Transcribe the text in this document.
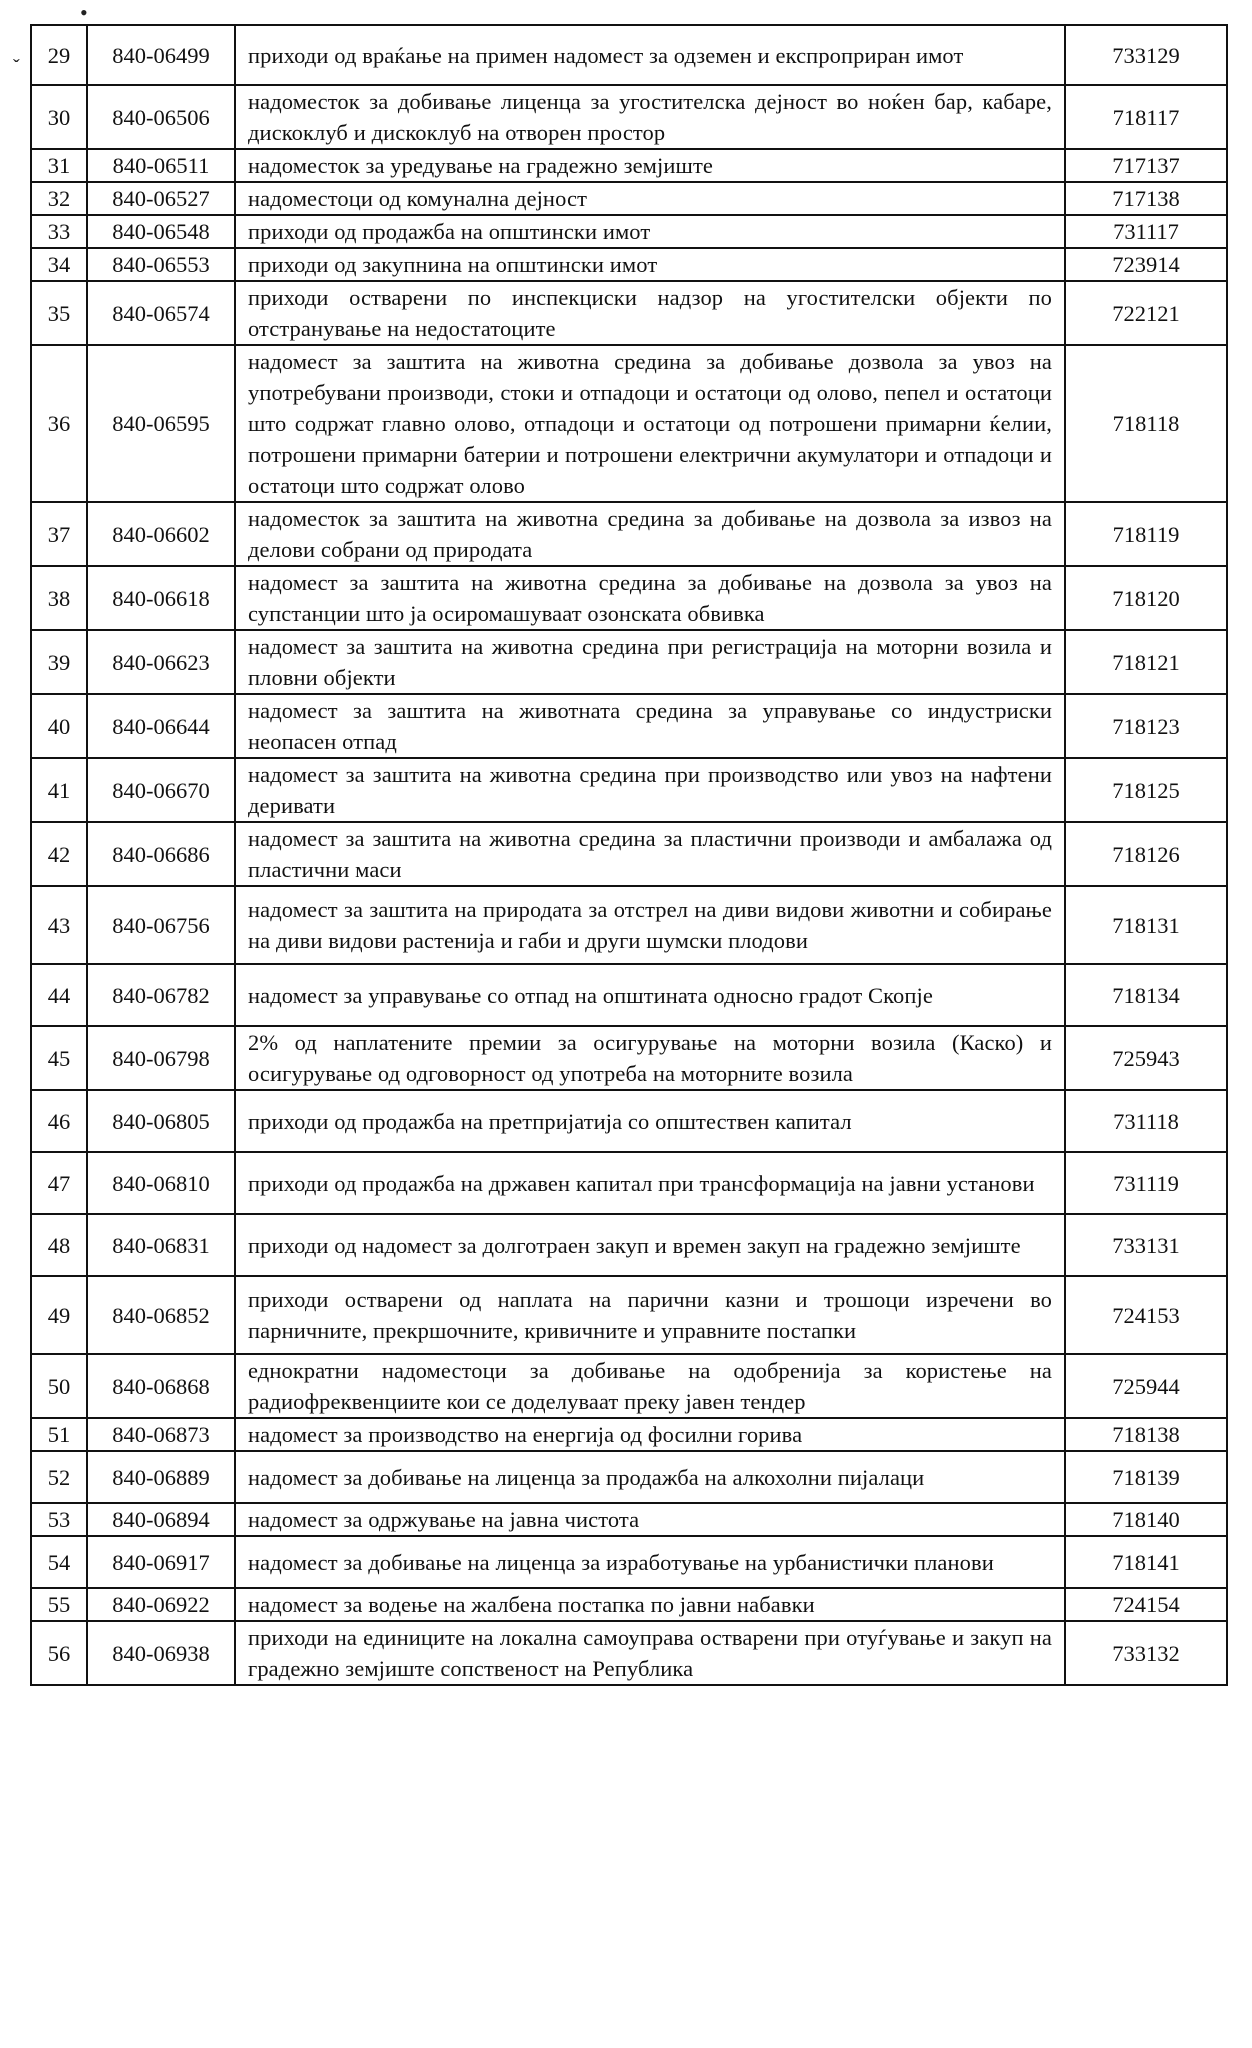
•
ˇ 29	840-06499	приходи од враќање на примен надомест за одземен и експроприран имот	733129
30	840-06506	надоместок за добивање лиценца за угостителска дејност во ноќен бар, кабаре, дискоклуб и дискоклуб на отворен простор	718117
31	840-06511	надоместок за уредување на градежно земјиште	717137
32	840-06527	надоместоци од комунална дејност	717138
33	840-06548	приходи од продажба на општински имот	731117
34	840-06553	приходи од закупнина на општински имот	723914
35	840-06574	приходи остварени по инспекциски надзор на угостителски објекти по отстранување на недостатоците	722121
36	840-06595	надомест за заштита на животна средина за добивање дозвола за увоз на употребувани производи, стоки и отпадоци и остатоци од олово, пепел и остатоци што содржат главно олово, отпадоци и остатоци од потрошени примарни ќелии, потрошени примарни батерии и потрошени електрични акумулатори и отпадоци и остатоци што содржат олово	718118
37	840-06602	надоместок за заштита на животна средина за добивање на дозвола за извоз на делови собрани од природата	718119
38	840-06618	надомест за заштита на животна средина за добивање на дозвола за увоз на супстанции што ја осиромашуваат озонската обвивка	718120
39	840-06623	надомест за заштита на животна средина при регистрација на моторни возила и пловни објекти	718121
40	840-06644	надомест за заштита на животната средина за управување со индустриски неопасен отпад	718123
41	840-06670	надомест за заштита на животна средина при производство или увоз на нафтени деривати	718125
42	840-06686	надомест за заштита на животна средина за пластични производи и амбалажа од пластични маси	718126
43	840-06756	надомест за заштита на природата за отстрел на диви видови животни и собирање на диви видови растенија и габи и други шумски плодови	718131
44	840-06782	надомест за управување со отпад на општината односно градот Скопје	718134
45	840-06798	2% од наплатените премии за осигурување на моторни возила (Каско) и осигурување од одговорност од употреба на моторните возила	725943
46	840-06805	приходи од продажба на претпријатија со општествен капитал	731118
47	840-06810	приходи од продажба на државен капитал при трансформација на јавни установи	731119
48	840-06831	приходи од надомест за долготраен закуп и времен закуп на градежно земјиште	733131
49	840-06852	приходи остварени од наплата на парични казни и трошоци изречени во парничните, прекршочните, кривичните и управните постапки	724153
50	840-06868	еднократни надоместоци за добивање на одобренија за користење на радиофреквенциите кои се доделуваат преку јавен тендер	725944
51	840-06873	надомест за производство на енергија од фосилни горива	718138
52	840-06889	надомест за добивање на лиценца за продажба на алкохолни пијалаци	718139
53	840-06894	надомест за одржување на јавна чистота	718140
54	840-06917	надомест за добивање на лиценца за изработување на урбанистички планови	718141
55	840-06922	надомест за водење на жалбена постапка по јавни набавки	724154
56	840-06938	приходи на единиците на локална самоуправа остварени при отуѓување и закуп на градежно земјиште сопственост на Република	733132
